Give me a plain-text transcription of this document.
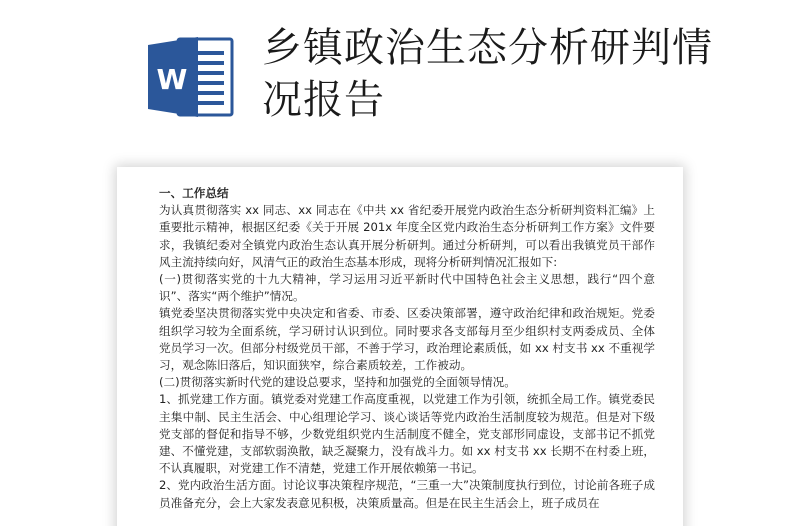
W
乡镇政治生态分析研判情况报告

一、工作总结

为认真贯彻落实 xx 同志、xx 同志在《中共 xx 省纪委开展党内政治生态分析研判资料汇编》上重要批示精神，根据区纪委《关于开展 201x 年度全区党内政治生态分析研判工作方案》文件要求，我镇纪委对全镇党内政治生态认真开展分析研判。通过分析研判，可以看出我镇党员干部作风主流持续向好，风清气正的政治生态基本形成，现将分析研判情况汇报如下:

(一)贯彻落实党的十九大精神，学习运用习近平新时代中国特色社会主义思想，践行“四个意识”、落实“两个维护”情况。

镇党委坚决贯彻落实党中央决定和省委、市委、区委决策部署，遵守政治纪律和政治规矩。党委组织学习较为全面系统，学习研讨认识到位。同时要求各支部每月至少组织村支两委成员、全体党员学习一次。但部分村级党员干部，不善于学习，政治理论素质低，如 xx 村支书 xx 不重视学习，观念陈旧落后，知识面狭窄，综合素质较差，工作被动。

(二)贯彻落实新时代党的建设总要求，坚持和加强党的全面领导情况。

1、抓党建工作方面。镇党委对党建工作高度重视，以党建工作为引领，统抓全局工作。镇党委民主集中制、民主生活会、中心组理论学习、谈心谈话等党内政治生活制度较为规范。但是对下级党支部的督促和指导不够，少数党组织党内生活制度不健全，党支部形同虚设，支部书记不抓党建、不懂党建，支部软弱涣散，缺乏凝聚力，没有战斗力。如 xx 村支书 xx 长期不在村委上班，不认真履职，对党建工作不清楚，党建工作开展依赖第一书记。

2、党内政治生活方面。讨论议事决策程序规范，“三重一大”决策制度执行到位，讨论前各班子成员准备充分，会上大家发表意见积极，决策质量高。但是在民主生活会上，班子成员在
